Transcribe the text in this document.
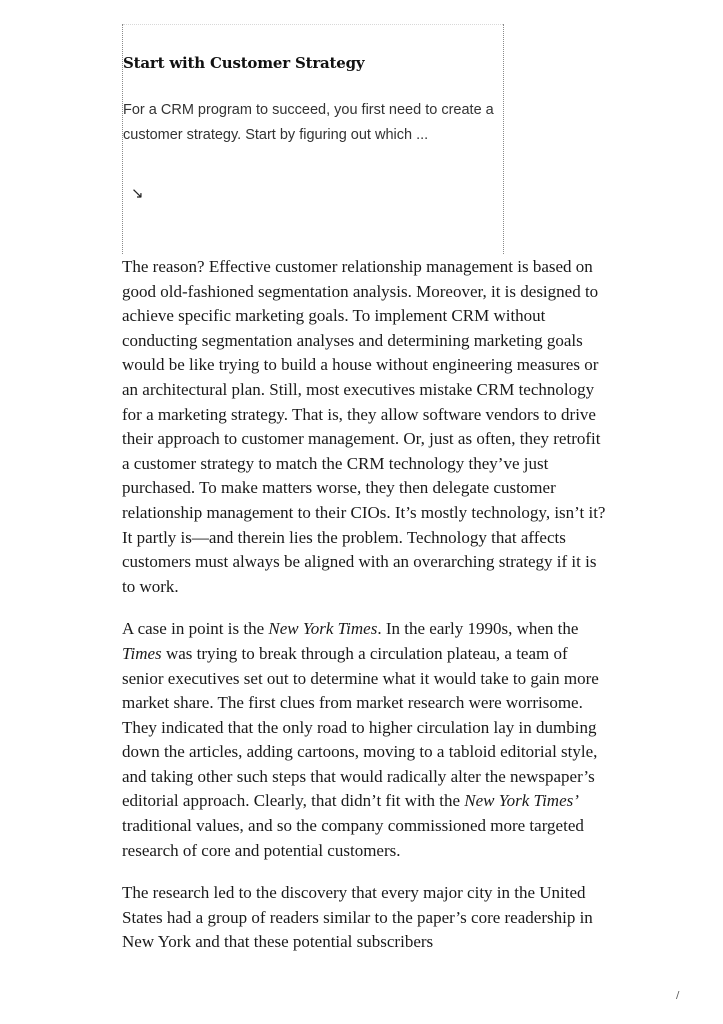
Start with Customer Strategy

For a CRM program to succeed, you first need to create a customer strategy. Start by figuring out which ...

↘

The reason? Effective customer relationship management is based on good old-fashioned segmentation analysis. Moreover, it is designed to achieve specific marketing goals. To implement CRM without conducting segmentation analyses and determining marketing goals would be like trying to build a house without engineering measures or an architectural plan. Still, most executives mistake CRM technology for a marketing strategy. That is, they allow software vendors to drive their approach to customer management. Or, just as often, they retrofit a customer strategy to match the CRM technology they’ve just purchased. To make matters worse, they then delegate customer relationship management to their CIOs. It’s mostly technology, isn’t it? It partly is—and therein lies the problem. Technology that affects customers must always be aligned with an overarching strategy if it is to work.

A case in point is the New York Times. In the early 1990s, when the Times was trying to break through a circulation plateau, a team of senior executives set out to determine what it would take to gain more market share. The first clues from market research were worrisome. They indicated that the only road to higher circulation lay in dumbing down the articles, adding cartoons, moving to a tabloid editorial style, and taking other such steps that would radically alter the newspaper’s editorial approach. Clearly, that didn’t fit with the New York Times’ traditional values, and so the company commissioned more targeted research of core and potential customers.

The research led to the discovery that every major city in the United States had a group of readers similar to the paper’s core readership in New York and that these potential subscribers

/
